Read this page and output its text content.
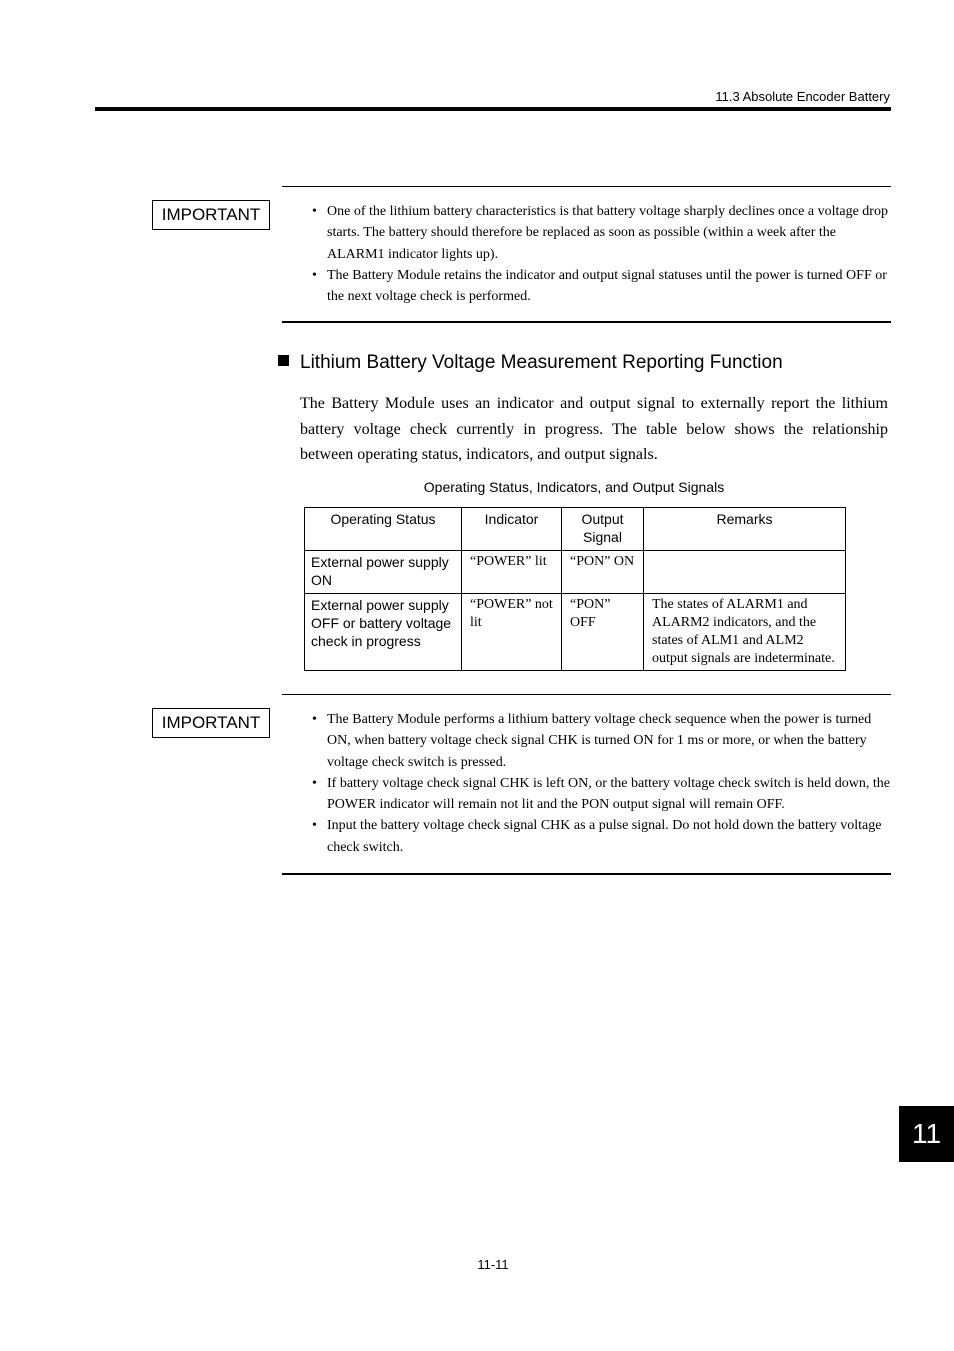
11.3 Absolute Encoder Battery
IMPORTANT	• One of the lithium battery characteristics is that battery voltage sharply declines once a voltage drop starts. The battery should therefore be replaced as soon as possible (within a week after the ALARM1 indicator lights up).
• The Battery Module retains the indicator and output signal statuses until the power is turned OFF or the next voltage check is performed.
Lithium Battery Voltage Measurement Reporting Function

The Battery Module uses an indicator and output signal to externally report the lithium battery voltage check currently in progress. The table below shows the relationship between operating status, indicators, and output signals.

Operating Status, Indicators, and Output Signals
Operating Status	Indicator	Output Signal	Remarks
External power supply ON	“POWER” lit	“PON” ON	
External power supply OFF or battery voltage check in progress	“POWER” not lit	“PON” OFF	The states of ALARM1 and ALARM2 indicators, and the states of ALM1 and ALM2 output signals are indeterminate.
IMPORTANT	• The Battery Module performs a lithium battery voltage check sequence when the power is turned ON, when battery voltage check signal CHK is turned ON for 1 ms or more, or when the battery voltage check switch is pressed.
• If battery voltage check signal CHK is left ON, or the battery voltage check switch is held down, the POWER indicator will remain not lit and the PON output signal will remain OFF.
• Input the battery voltage check signal CHK as a pulse signal. Do not hold down the battery voltage check switch.
11
11-11
